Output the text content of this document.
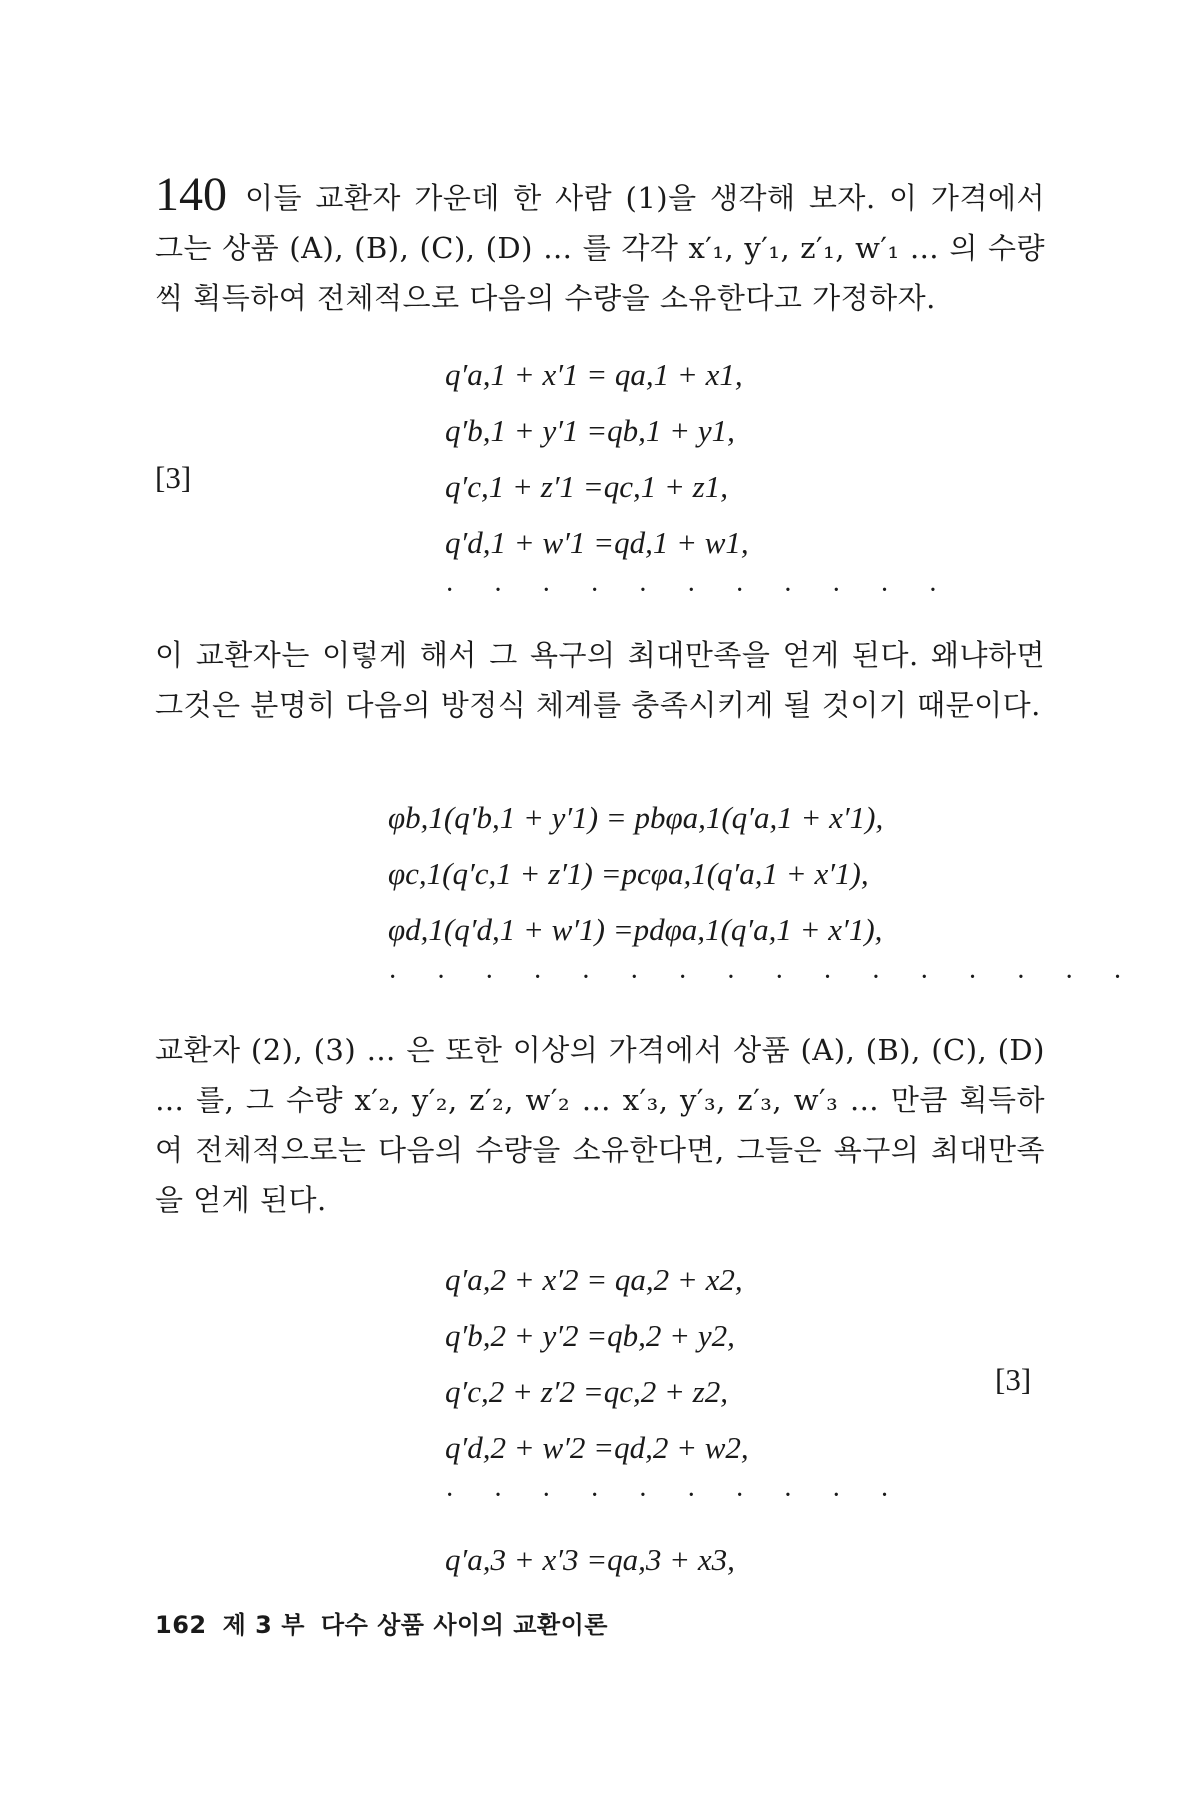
140 이들 교환자 가운데 한 사람 (1)을 생각해 보자. 이 가격에서 그는 상품 (A), (B), (C), (D) … 를 각각 x′₁, y′₁, z′₁, w′₁ … 의 수량씩 획득하여 전체적으로 다음의 수량을 소유한다고 가정하자.

q′a,1 + x′1 = qa,1 + x1,
q′b,1 + y′1 =qb,1 + y1,
q′c,1 + z′1 =qc,1 + z1,
q′d,1 + w′1 =qd,1 + w1,
· · · · · · · · · · ·
[3]

이 교환자는 이렇게 해서 그 욕구의 최대만족을 얻게 된다. 왜냐하면 그것은 분명히 다음의 방정식 체계를 충족시키게 될 것이기 때문이다.

φb,1(q′b,1 + y′1) = pbφa,1(q′a,1 + x′1),
φc,1(q′c,1 + z′1) =pcφa,1(q′a,1 + x′1),
φd,1(q′d,1 + w′1) =pdφa,1(q′a,1 + x′1),
· · · · · · · · · · · · · · · ·

교환자 (2), (3) … 은 또한 이상의 가격에서 상품 (A), (B), (C), (D) … 를, 그 수량 x′₂, y′₂, z′₂, w′₂ … x′₃, y′₃, z′₃, w′₃ … 만큼 획득하여 전체적으로는 다음의 수량을 소유한다면, 그들은 욕구의 최대만족을 얻게 된다.

q′a,2 + x′2 = qa,2 + x2,
q′b,2 + y′2 =qb,2 + y2,
q′c,2 + z′2 =qc,2 + z2,
q′d,2 + w′2 =qd,2 + w2,
· · · · · · · · · ·
q′a,3 + x′3 =qa,3 + x3,
[3]
162 제 3 부 다수 상품 사이의 교환이론
